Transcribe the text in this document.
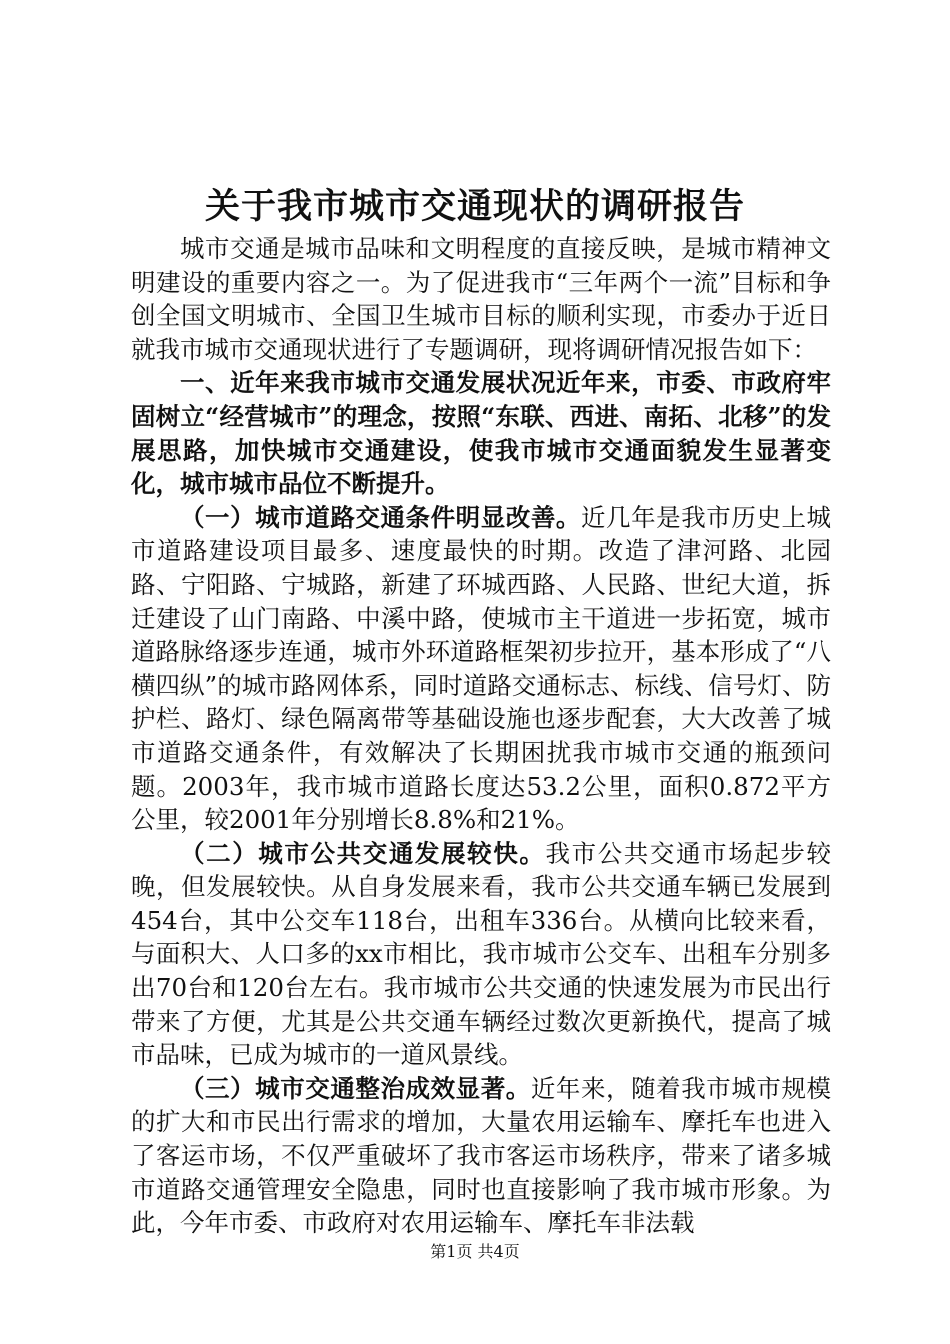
关于我市城市交通现状的调研报告

城市交通是城市品味和文明程度的直接反映，是城市精神文明建设的重要内容之一。为了促进我市“三年两个一流”目标和争创全国文明城市、全国卫生城市目标的顺利实现，市委办于近日就我市城市交通现状进行了专题调研，现将调研情况报告如下：

一、近年来我市城市交通发展状况近年来，市委、市政府牢固树立“经营城市”的理念，按照“东联、西进、南拓、北移”的发展思路，加快城市交通建设，使我市城市交通面貌发生显著变化，城市城市品位不断提升。

（一）城市道路交通条件明显改善。近几年是我市历史上城市道路建设项目最多、速度最快的时期。改造了津河路、北园路、宁阳路、宁城路，新建了环城西路、人民路、世纪大道，拆迁建设了山门南路、中溪中路，使城市主干道进一步拓宽，城市道路脉络逐步连通，城市外环道路框架初步拉开，基本形成了“八横四纵”的城市路网体系，同时道路交通标志、标线、信号灯、防护栏、路灯、绿色隔离带等基础设施也逐步配套，大大改善了城市道路交通条件，有效解决了长期困扰我市城市交通的瓶颈问题。2003年，我市城市道路长度达53.2公里，面积0.872平方公里，较2001年分别增长8.8%和21%。

（二）城市公共交通发展较快。我市公共交通市场起步较晚，但发展较快。从自身发展来看，我市公共交通车辆已发展到454台，其中公交车118台，出租车336台。从横向比较来看，与面积大、人口多的xx市相比，我市城市公交车、出租车分别多出70台和120台左右。我市城市公共交通的快速发展为市民出行带来了方便，尤其是公共交通车辆经过数次更新换代，提高了城市品味，已成为城市的一道风景线。

（三）城市交通整治成效显著。近年来，随着我市城市规模的扩大和市民出行需求的增加，大量农用运输车、摩托车也进入了客运市场，不仅严重破坏了我市客运市场秩序，带来了诸多城市道路交通管理安全隐患，同时也直接影响了我市城市形象。为此，今年市委、市政府对农用运输车、摩托车非法载

第1页 共4页
